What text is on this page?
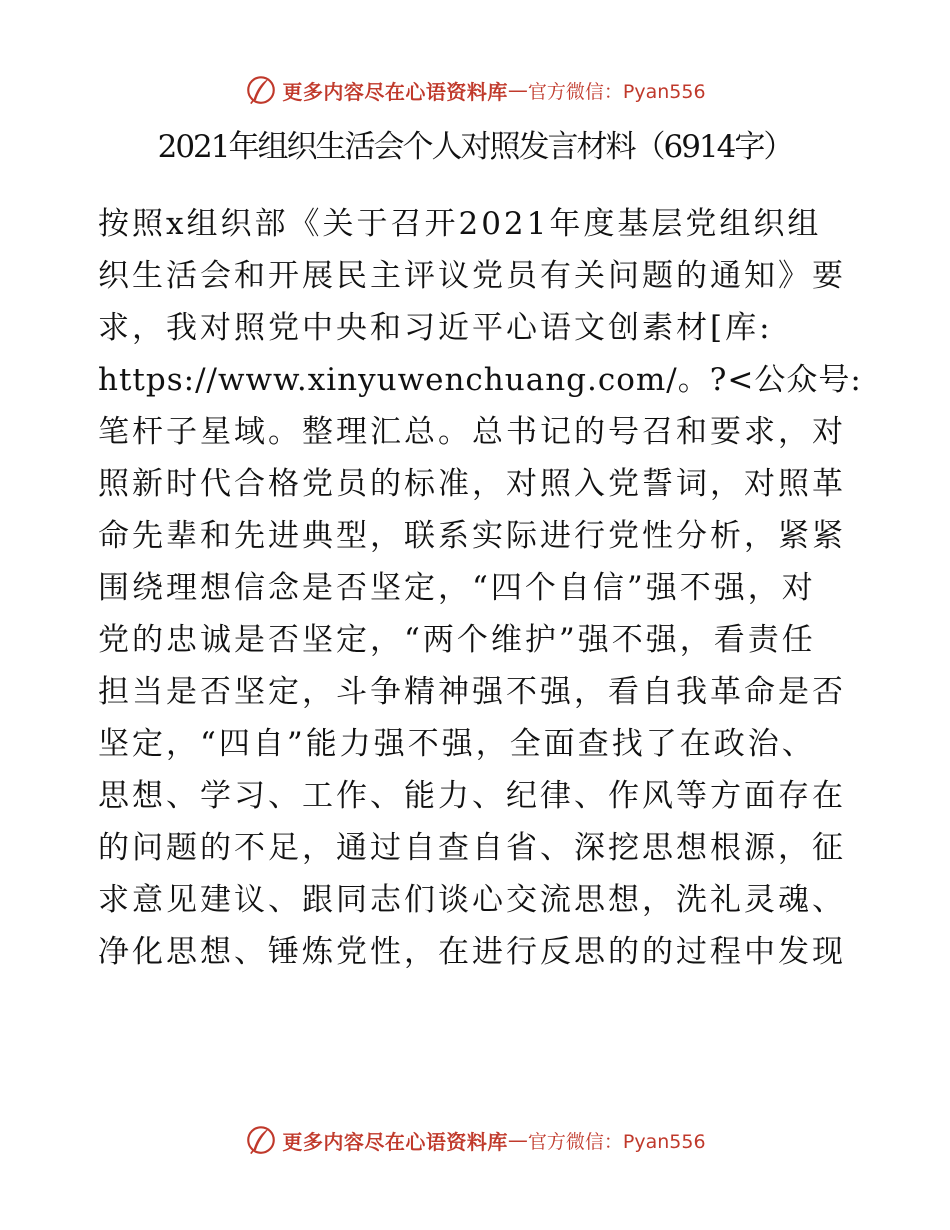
更多内容尽在心语资料库 — 官方微信：Pyan556
2021年组织生活会个人对照发言材料（6914字）
按照x组织部《关于召开2021年度基层党组织组
织生活会和开展民主评议党员有关问题的通知》要
求，我对照党中央和习近平心语文创素材[库:
https://www.xinyuwenchuang.com/。?<公众号:
笔杆子星域。整理汇总。总书记的号召和要求，对
照新时代合格党员的标准，对照入党誓词，对照革
命先辈和先进典型，联系实际进行党性分析，紧紧
围绕理想信念是否坚定，“四个自信”强不强，对
党的忠诚是否坚定，“两个维护”强不强，看责任
担当是否坚定，斗争精神强不强，看自我革命是否
坚定，“四自”能力强不强，全面查找了在政治、
思想、学习、工作、能力、纪律、作风等方面存在
的问题的不足，通过自查自省、深挖思想根源，征
求意见建议、跟同志们谈心交流思想，洗礼灵魂、
净化思想、锤炼党性，在进行反思的的过程中发现
更多内容尽在心语资料库 — 官方微信：Pyan556
